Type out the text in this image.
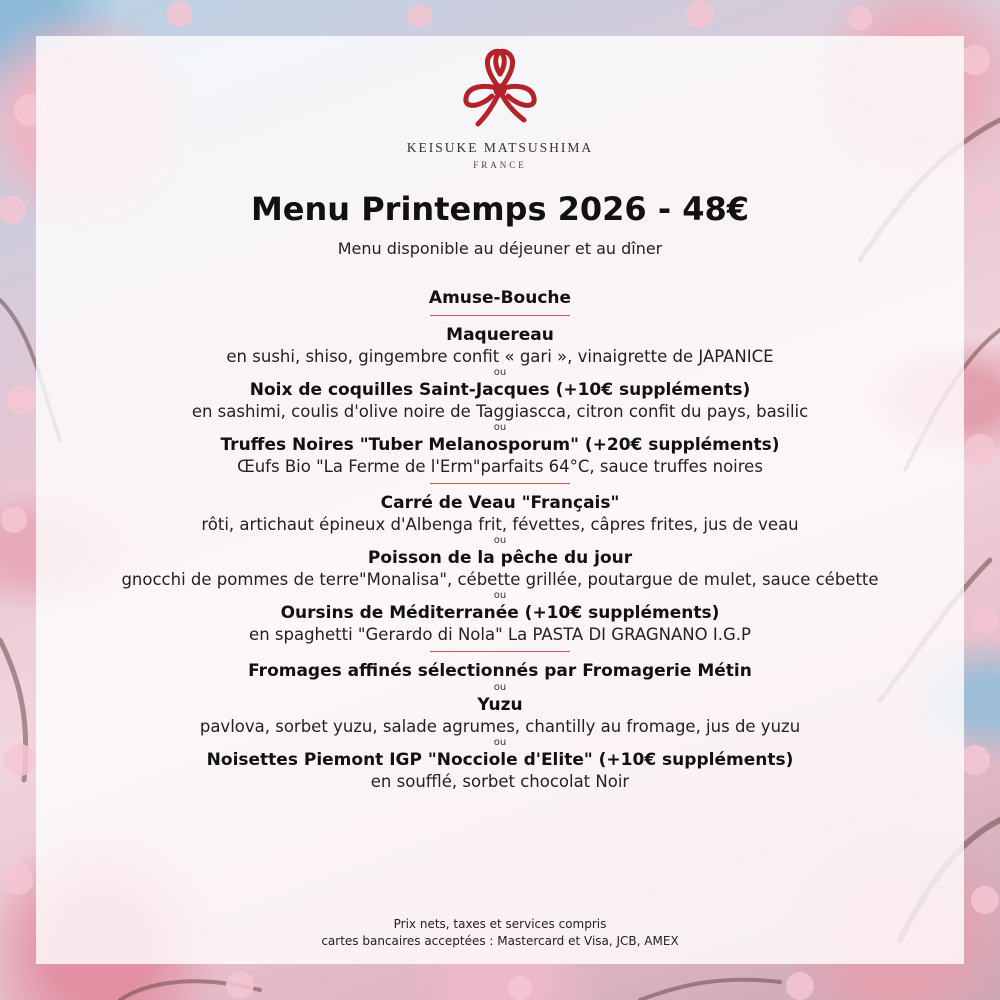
KEISUKE MATSUSHIMA
FRANCE
Menu Printemps 2026 - 48€
Menu disponible au déjeuner et au dîner
Amuse-Bouche
Maquereau
en sushi, shiso, gingembre confit « gari », vinaigrette de JAPANICE
ou
Noix de coquilles Saint-Jacques (+10€ suppléments)
en sashimi, coulis d'olive noire de Taggiascca, citron confit du pays, basilic
ou
Truffes Noires "Tuber Melanosporum" (+20€ suppléments)
Œufs Bio "La Ferme de l'Erm"parfaits 64°C, sauce truffes noires
Carré de Veau "Français"
rôti, artichaut épineux d'Albenga frit, févettes, câpres frites, jus de veau
ou
Poisson de la pêche du jour
gnocchi de pommes de terre"Monalisa", cébette grillée, poutargue de mulet, sauce cébette
ou
Oursins de Méditerranée (+10€ suppléments)
en spaghetti "Gerardo di Nola" La PASTA DI GRAGNANO I.G.P
Fromages affinés sélectionnés par Fromagerie Métin
ou
Yuzu
pavlova, sorbet yuzu, salade agrumes, chantilly au fromage, jus de yuzu
ou
Noisettes Piemont IGP "Nocciole d'Elite" (+10€ suppléments)
en soufflé, sorbet chocolat Noir
Prix nets, taxes et services compris
cartes bancaires acceptées : Mastercard et Visa, JCB, AMEX
